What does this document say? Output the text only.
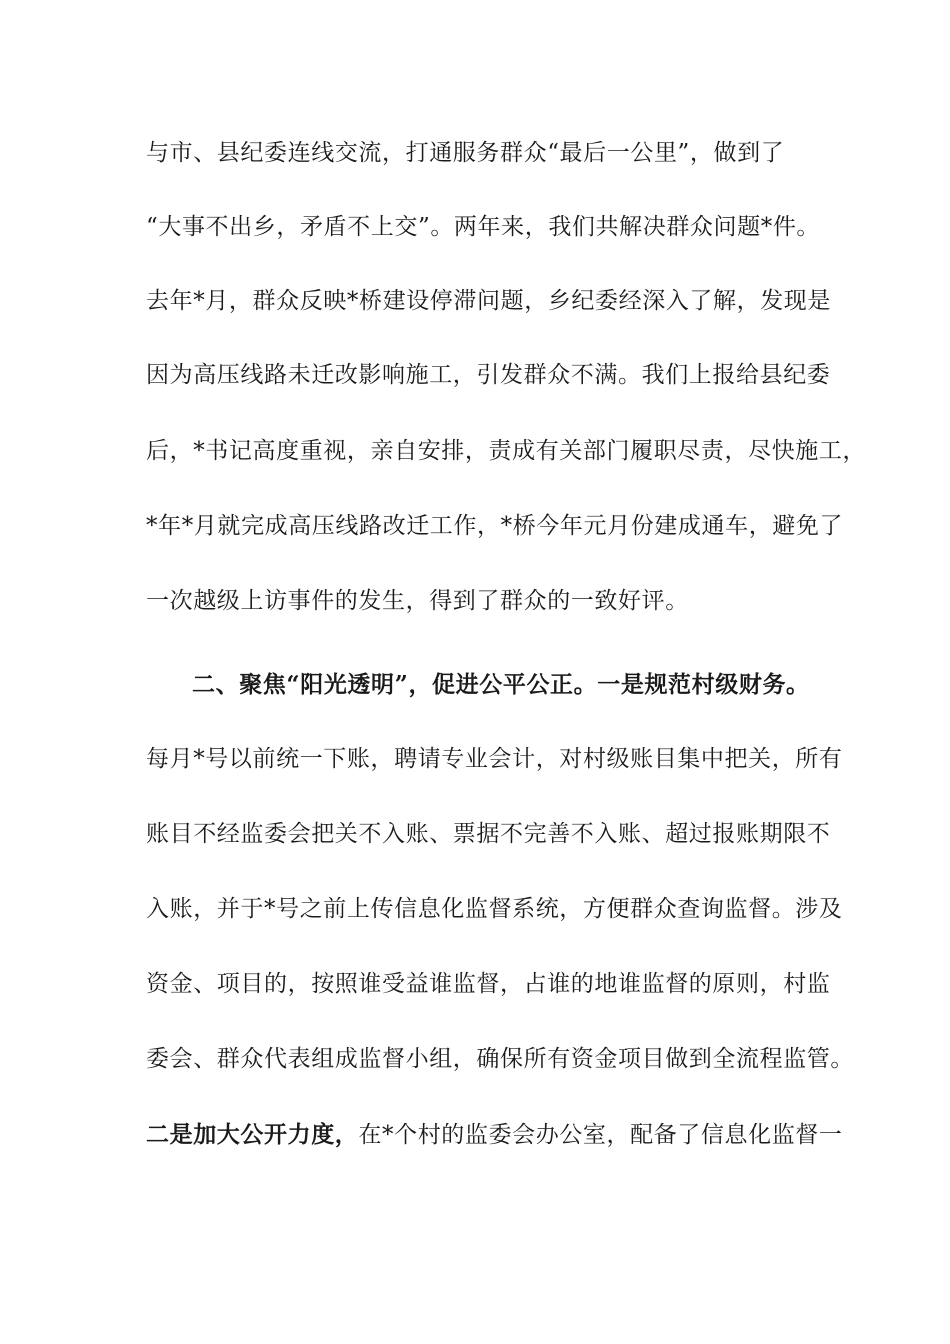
与市、县纪委连线交流，打通服务群众“最后一公里”，做到了
“大事不出乡，矛盾不上交”。两年来，我们共解决群众问题*件。
去年*月，群众反映*桥建设停滞问题，乡纪委经深入了解，发现是
因为高压线路未迁改影响施工，引发群众不满。我们上报给县纪委
后，*书记高度重视，亲自安排，责成有关部门履职尽责，尽快施工，
*年*月就完成高压线路改迁工作，*桥今年元月份建成通车，避免了
一次越级上访事件的发生，得到了群众的一致好评。
二、聚焦“阳光透明”，促进公平公正。一是规范村级财务。
每月*号以前统一下账，聘请专业会计，对村级账目集中把关，所有
账目不经监委会把关不入账、票据不完善不入账、超过报账期限不
入账，并于*号之前上传信息化监督系统，方便群众查询监督。涉及
资金、项目的，按照谁受益谁监督，占谁的地谁监督的原则，村监
委会、群众代表组成监督小组，确保所有资金项目做到全流程监管。
二是加大公开力度，在*个村的监委会办公室，配备了信息化监督一
